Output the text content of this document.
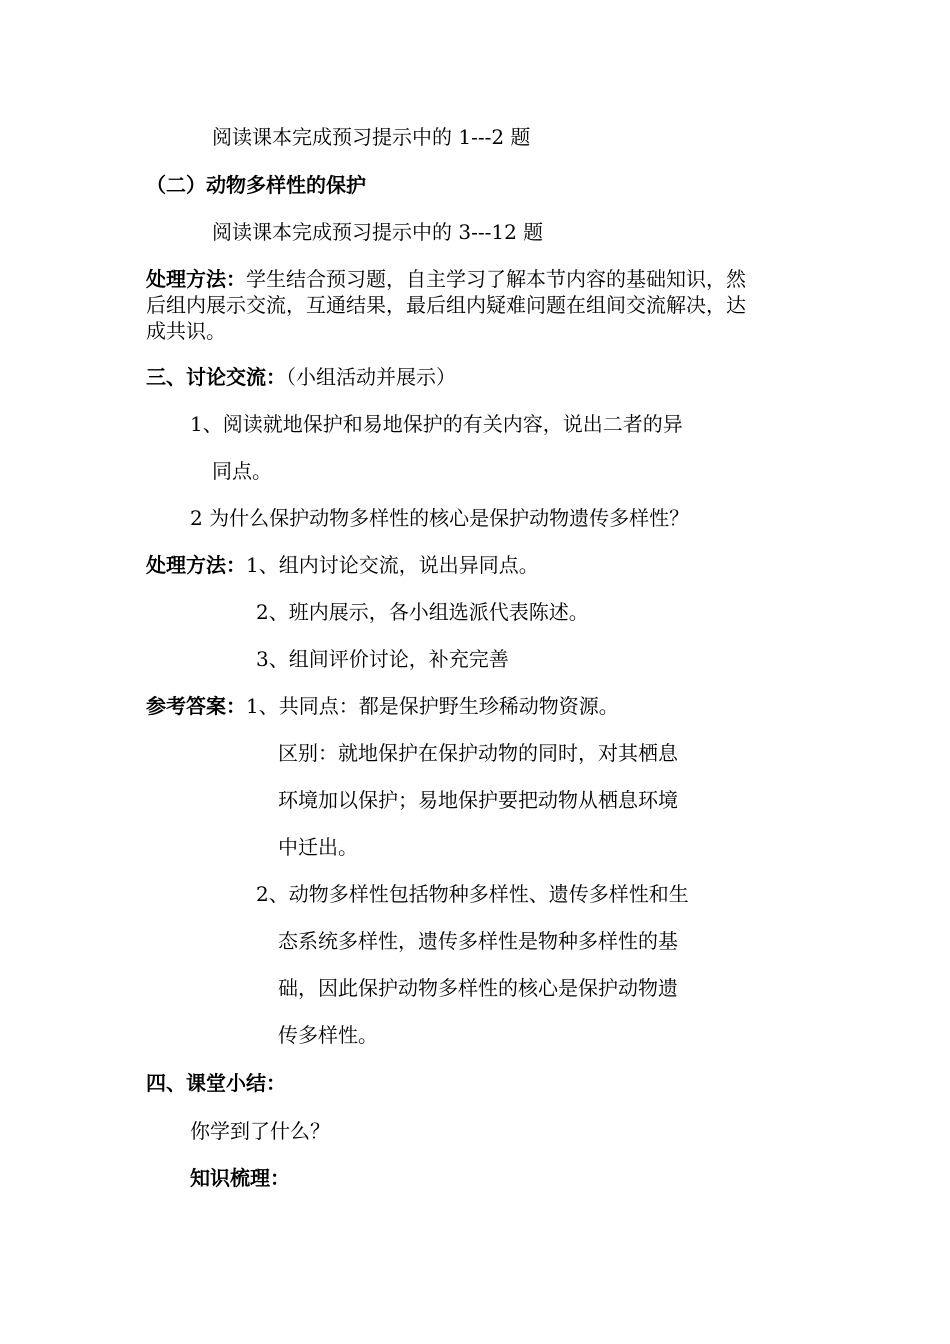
阅读课本完成预习提示中的 1---2 题
（二）动物多样性的保护
阅读课本完成预习提示中的 3---12 题
处理方法：学生结合预习题，自主学习了解本节内容的基础知识，然
后组内展示交流，互通结果，最后组内疑难问题在组间交流解决，达
成共识。
三、讨论交流：（小组活动并展示）
1、阅读就地保护和易地保护的有关内容，说出二者的异
同点。
2 为什么保护动物多样性的核心是保护动物遗传多样性？
处理方法：1、组内讨论交流，说出异同点。
2、班内展示，各小组选派代表陈述。
3、组间评价讨论，补充完善
参考答案：1、共同点：都是保护野生珍稀动物资源。
区别：就地保护在保护动物的同时，对其栖息
环境加以保护；易地保护要把动物从栖息环境
中迁出。
2、动物多样性包括物种多样性、遗传多样性和生
态系统多样性，遗传多样性是物种多样性的基
础，因此保护动物多样性的核心是保护动物遗
传多样性。
四、课堂小结：
你学到了什么？
知识梳理：
